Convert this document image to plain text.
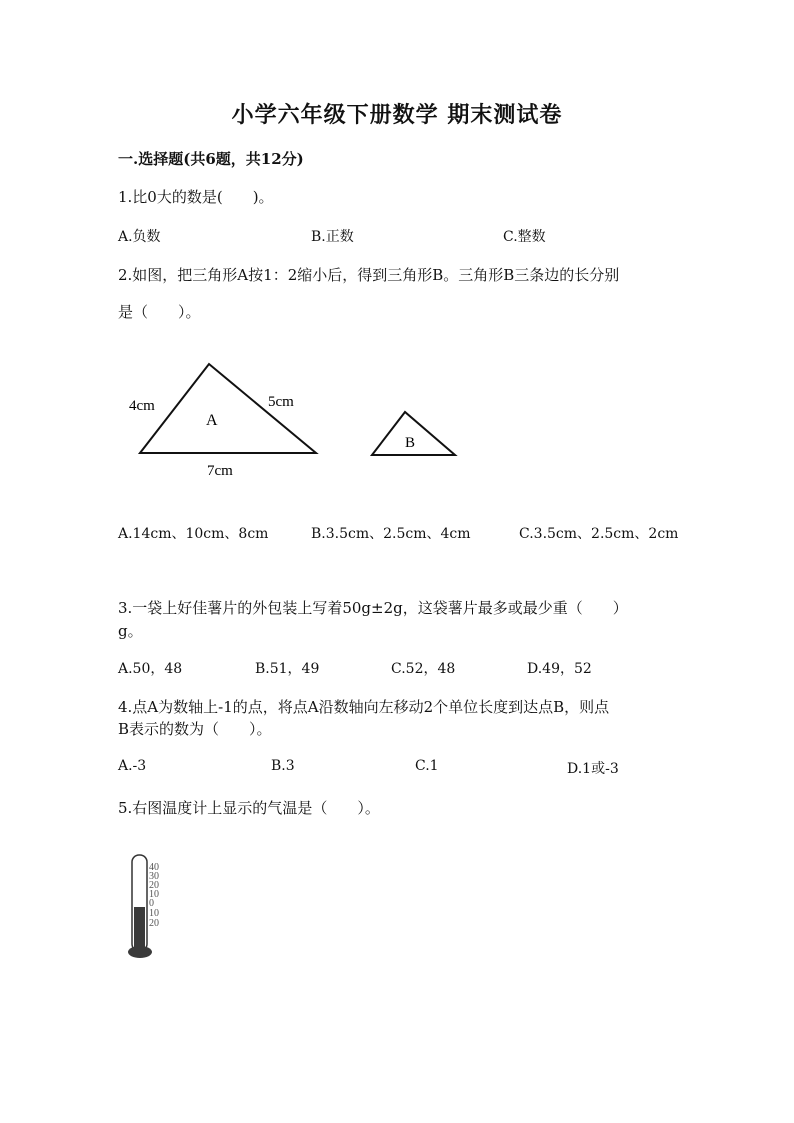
小学六年级下册数学 期末测试卷
一.选择题(共6题，共12分)
1.比0大的数是(　　)。
A.负数	B.正数	C.整数
2.如图，把三角形A按1：2缩小后，得到三角形B。三角形B三条边的长分别
是（　　）。
4cm	5cm
7cm
A
B
A.14cm、10cm、8cm	B.3.5cm、2.5cm、4cm	C.3.5cm、2.5cm、2cm
3.一袋上好佳薯片的外包装上写着50g±2g，这袋薯片最多或最少重（　　）
g。
A.50，48	B.51，49	C.52，48	D.49，52
4.点A为数轴上-1的点，将点A沿数轴向左移动2个单位长度到达点B，则点
B表示的数为（　　）。
A.-3	B.3	C.1	D.1或-3
5.右图温度计上显示的气温是（　　）。
40
30
20
10
0
10
20
